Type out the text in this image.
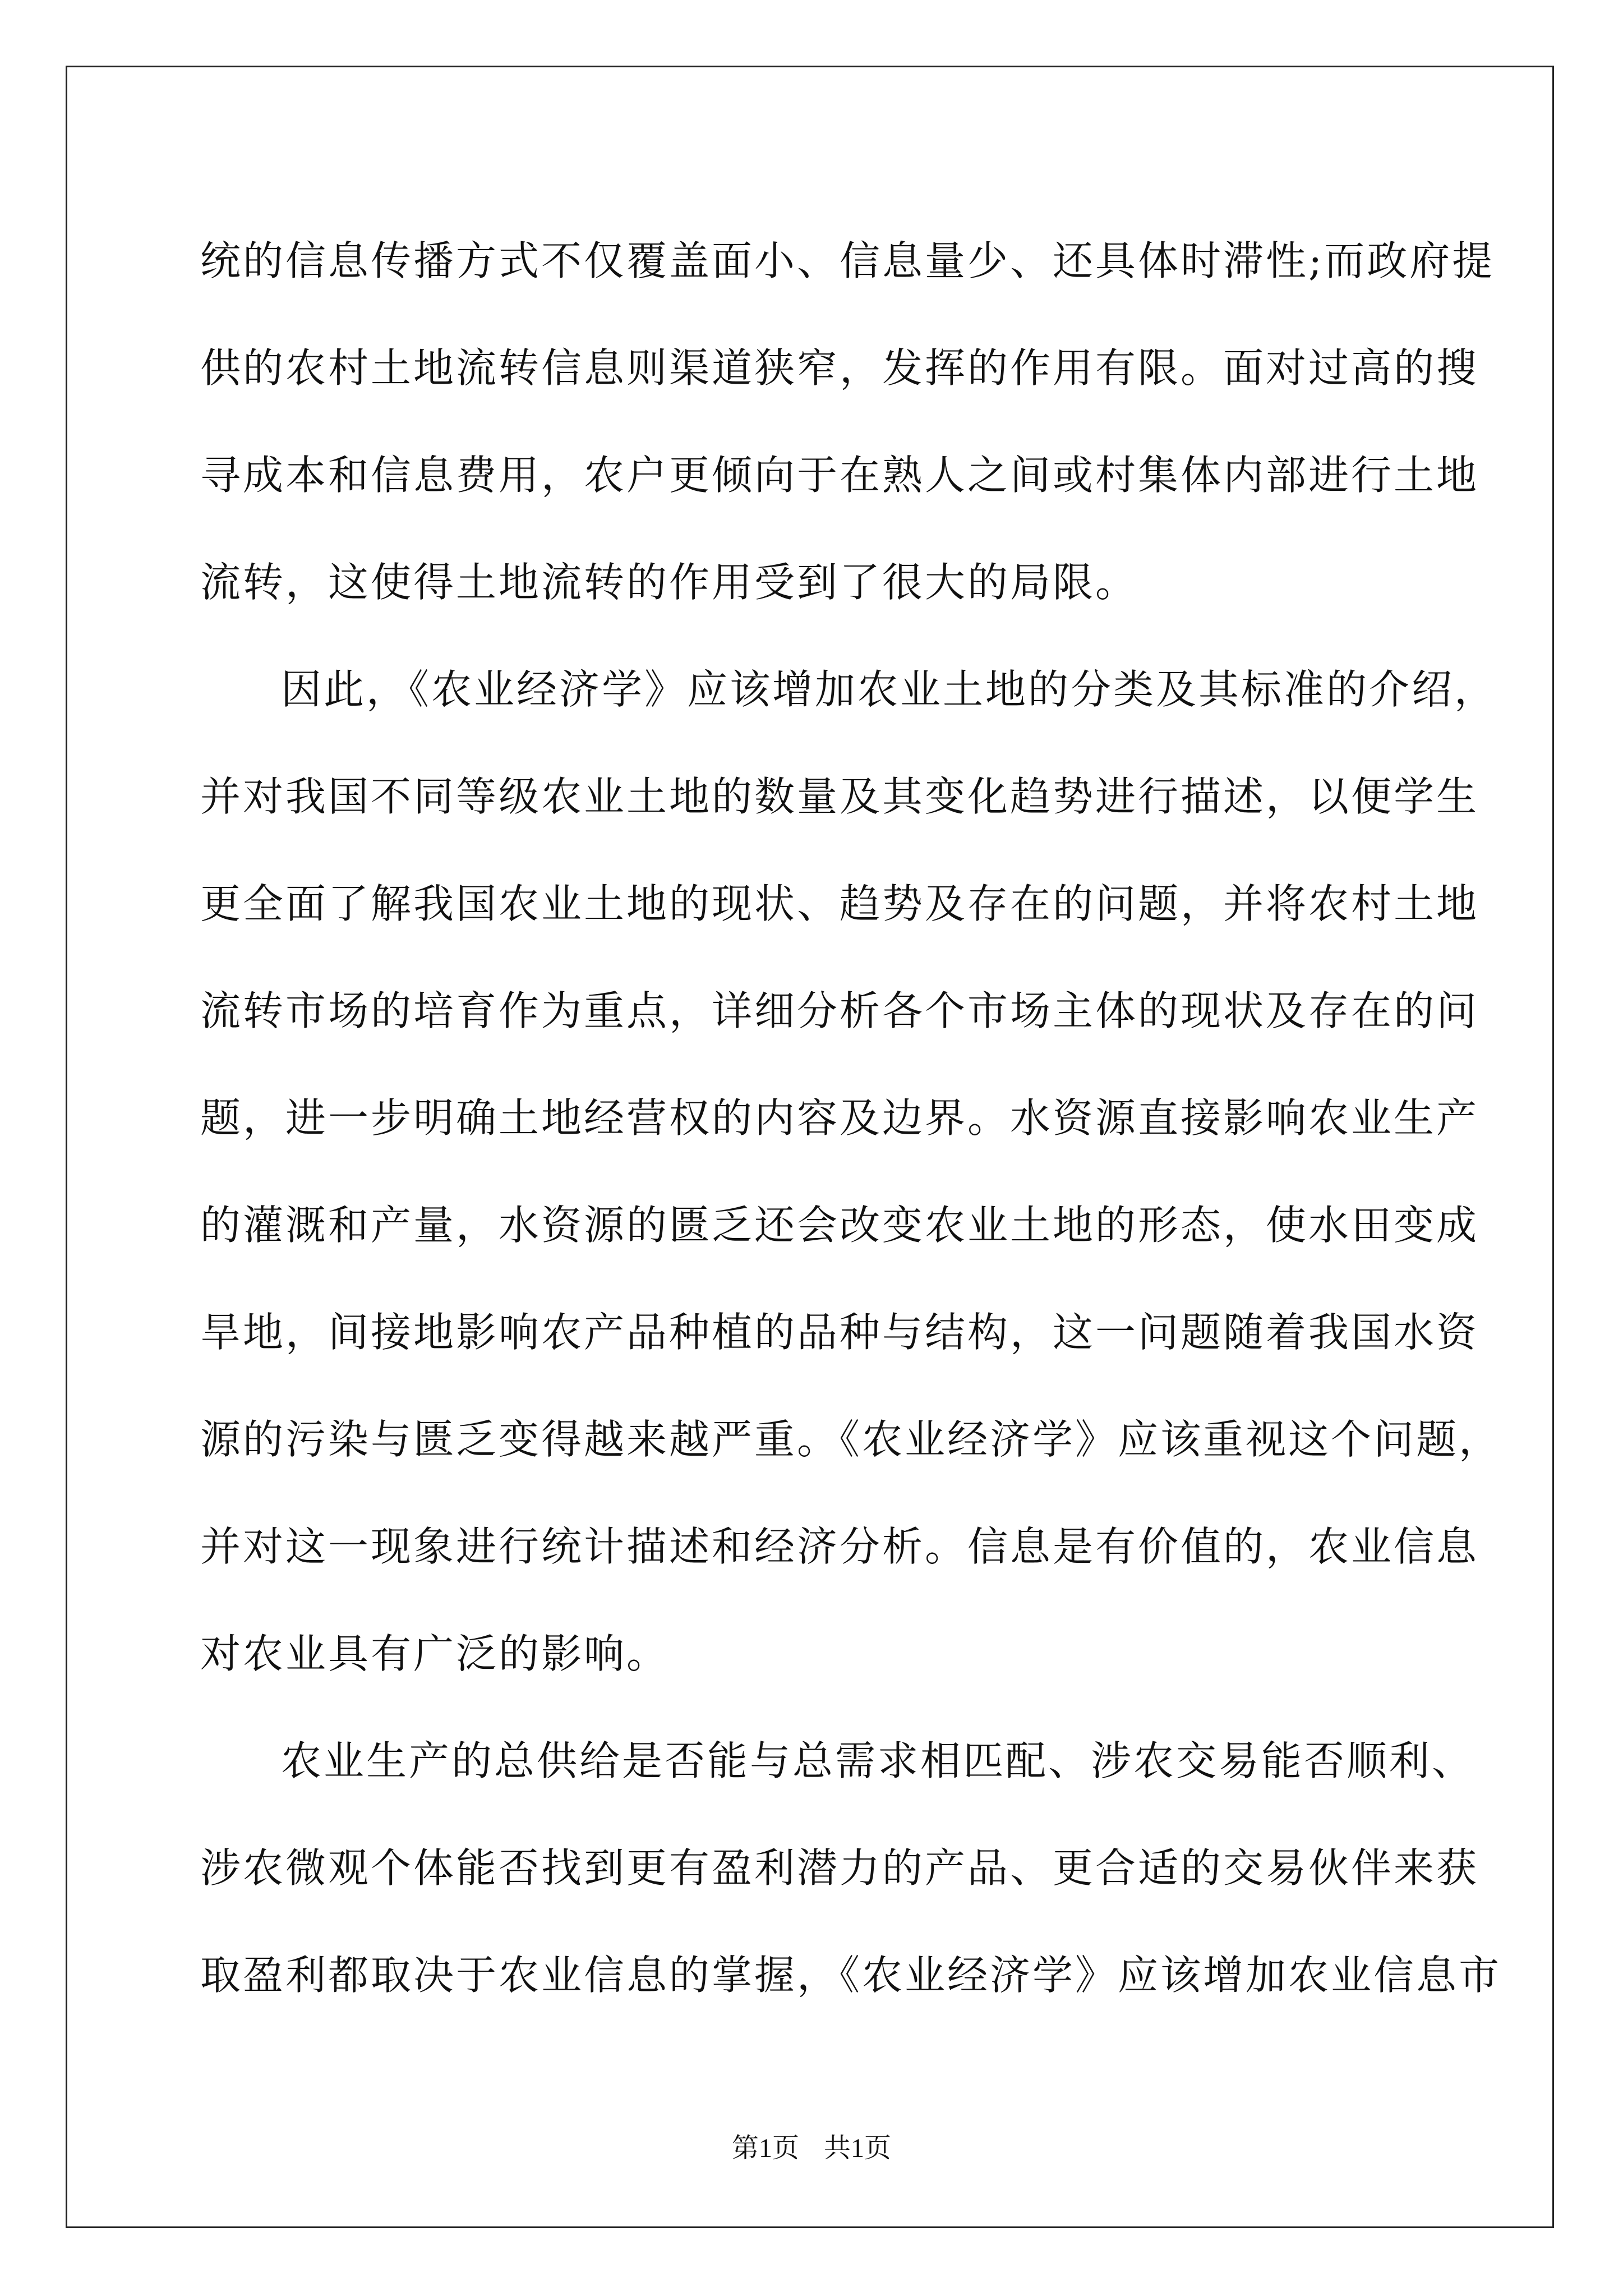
统的信息传播方式不仅覆盖面小、信息量少、还具体时滞性;而政府提
供的农村土地流转信息则渠道狭窄，发挥的作用有限。面对过高的搜
寻成本和信息费用，农户更倾向于在熟人之间或村集体内部进行土地
流转，这使得土地流转的作用受到了很大的局限。
因此，《农业经济学》应该增加农业土地的分类及其标准的介绍，
并对我国不同等级农业土地的数量及其变化趋势进行描述，以便学生
更全面了解我国农业土地的现状、趋势及存在的问题，并将农村土地
流转市场的培育作为重点，详细分析各个市场主体的现状及存在的问
题，进一步明确土地经营权的内容及边界。水资源直接影响农业生产
的灌溉和产量，水资源的匮乏还会改变农业土地的形态，使水田变成
旱地，间接地影响农产品种植的品种与结构，这一问题随着我国水资
源的污染与匮乏变得越来越严重。《农业经济学》应该重视这个问题，
并对这一现象进行统计描述和经济分析。信息是有价值的，农业信息
对农业具有广泛的影响。
农业生产的总供给是否能与总需求相匹配、涉农交易能否顺利、
涉农微观个体能否找到更有盈利潜力的产品、更合适的交易伙伴来获
取盈利都取决于农业信息的掌握，《农业经济学》应该增加农业信息市
第1页 共1页
